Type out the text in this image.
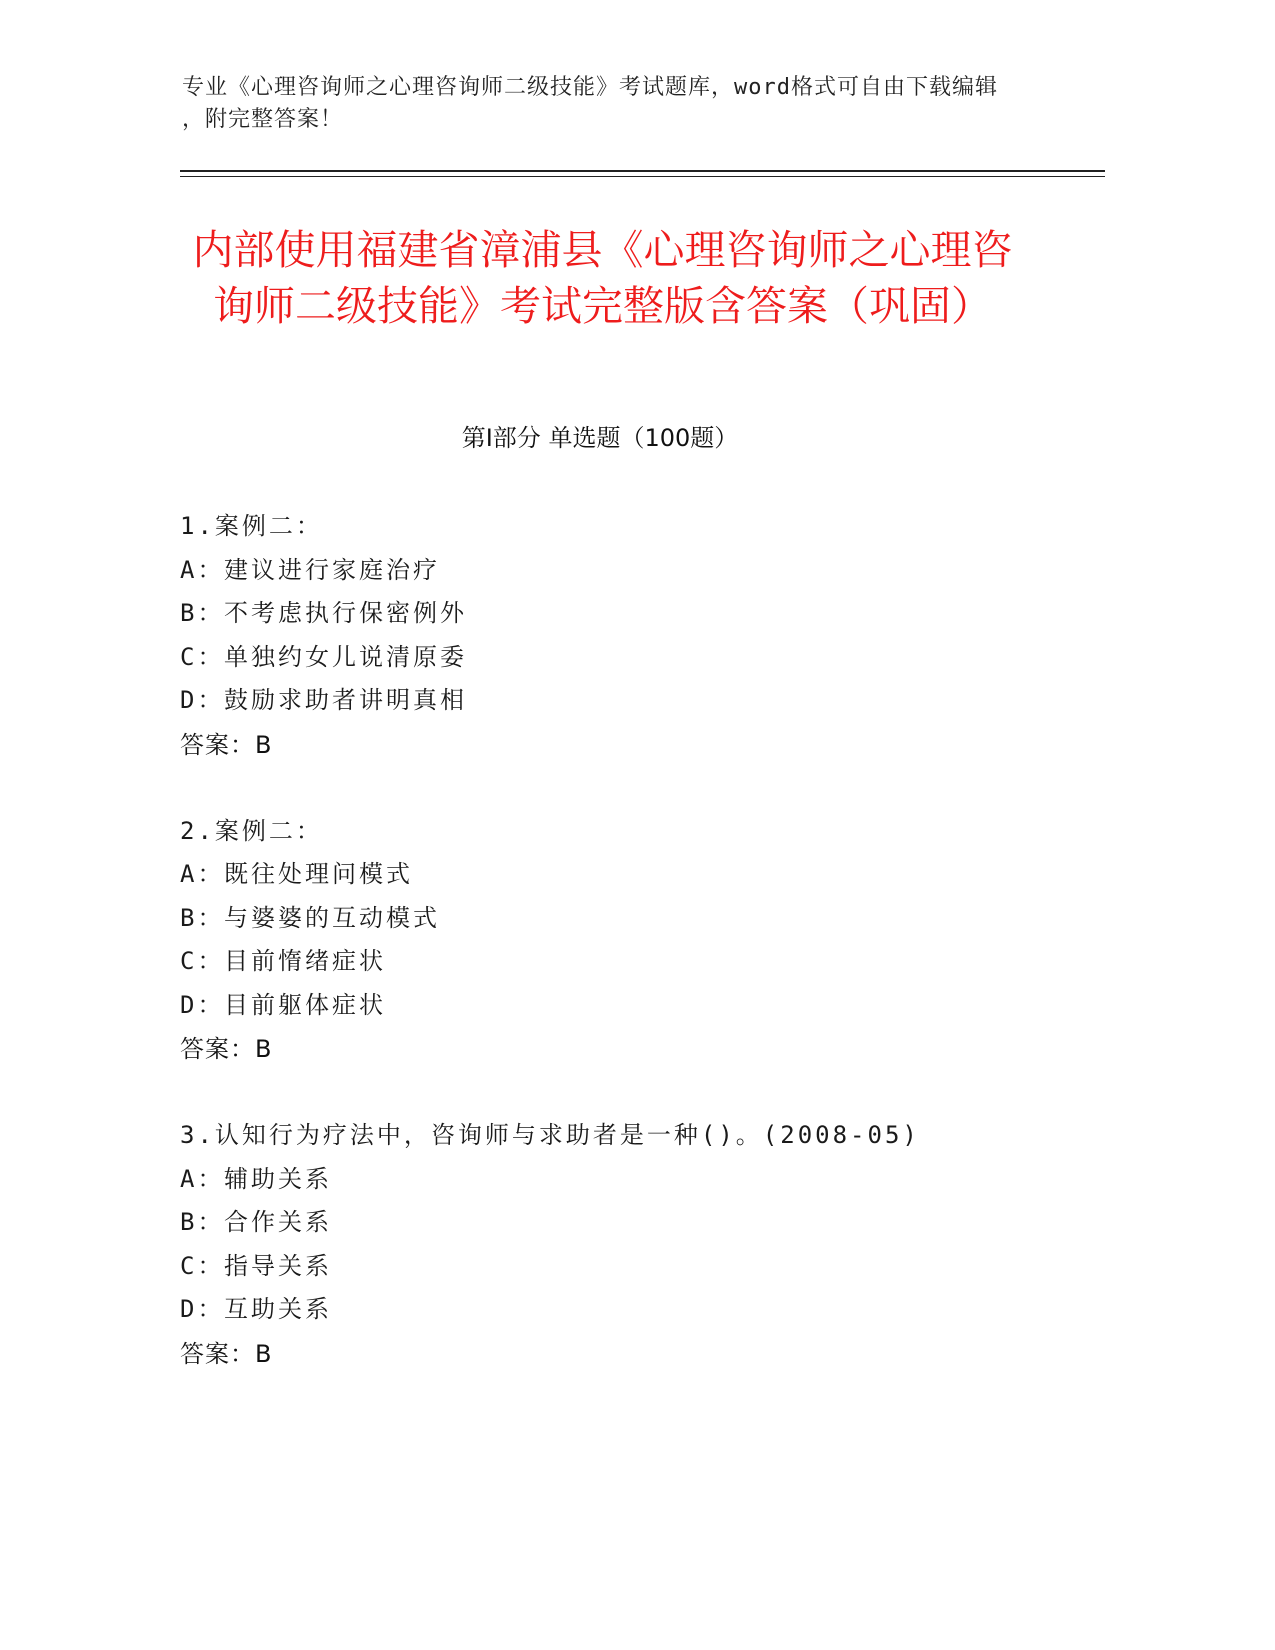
专业《心理咨询师之心理咨询师二级技能》考试题库，word格式可自由下载编辑
，附完整答案！
内部使用福建省漳浦县《心理咨询师之心理咨询师二级技能》考试完整版含答案（巩固）
第Ⅰ部分 单选题（100题）
1.案例二：
A：建议进行家庭治疗
B：不考虑执行保密例外
C：单独约女儿说清原委
D：鼓励求助者讲明真相
答案：B
2.案例二：
A：既往处理问模式
B：与婆婆的互动模式
C：目前惰绪症状
D：目前躯体症状
答案：B
3.认知行为疗法中，咨询师与求助者是一种()。(2008-05)
A：辅助关系
B：合作关系
C：指导关系
D：互助关系
答案：B
